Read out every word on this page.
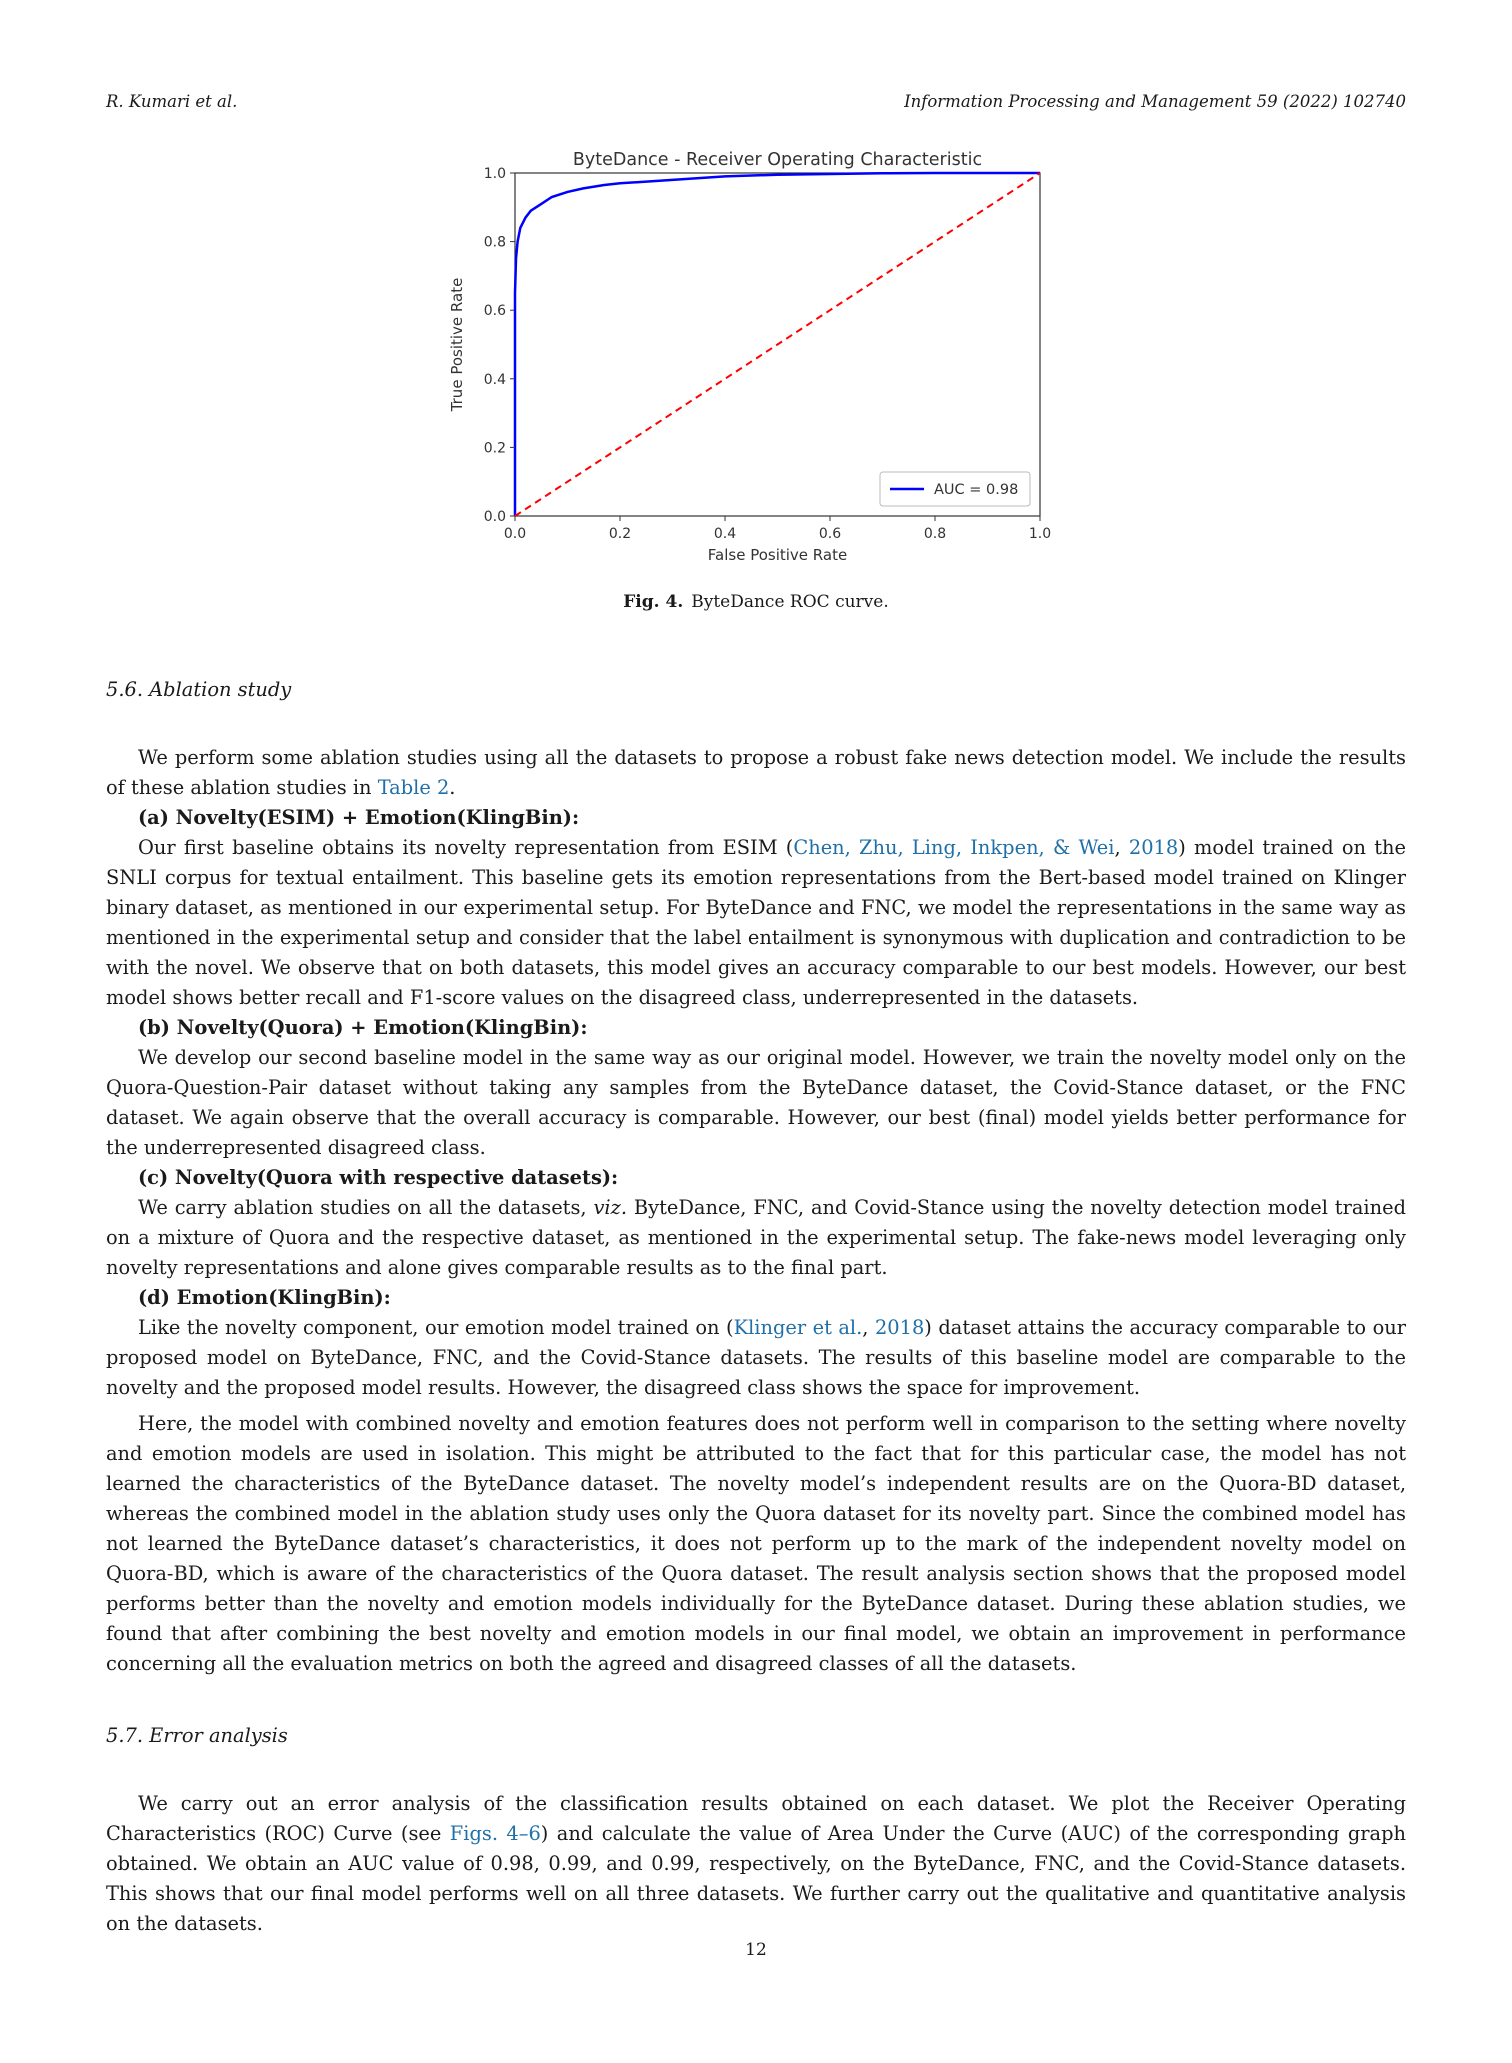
R. Kumari et al.	Information Processing and Management 59 (2022) 102740
0.0	0.2	0.4	0.6	0.8	1.0
0.0
0.2
0.4
0.6
0.8
1.0
ByteDance - Receiver Operating Characteristic
False Positive Rate
True Positive Rate
AUC = 0.98
Fig. 4. ByteDance ROC curve.
5.6. Ablation study

We perform some ablation studies using all the datasets to propose a robust fake news detection model. We include the results of these ablation studies in Table 2.

(a) Novelty(ESIM) + Emotion(KlingBin):

Our first baseline obtains its novelty representation from ESIM (Chen, Zhu, Ling, Inkpen, & Wei, 2018) model trained on the SNLI corpus for textual entailment. This baseline gets its emotion representations from the Bert-based model trained on Klinger binary dataset, as mentioned in our experimental setup. For ByteDance and FNC, we model the representations in the same way as mentioned in the experimental setup and consider that the label entailment is synonymous with duplication and contradiction to be with the novel. We observe that on both datasets, this model gives an accuracy comparable to our best models. However, our best model shows better recall and F1-score values on the disagreed class, underrepresented in the datasets.

(b) Novelty(Quora) + Emotion(KlingBin):

We develop our second baseline model in the same way as our original model. However, we train the novelty model only on the Quora-Question-Pair dataset without taking any samples from the ByteDance dataset, the Covid-Stance dataset, or the FNC dataset. We again observe that the overall accuracy is comparable. However, our best (final) model yields better performance for the underrepresented disagreed class.

(c) Novelty(Quora with respective datasets):

We carry ablation studies on all the datasets, viz. ByteDance, FNC, and Covid-Stance using the novelty detection model trained on a mixture of Quora and the respective dataset, as mentioned in the experimental setup. The fake-news model leveraging only novelty representations and alone gives comparable results as to the final part.

(d) Emotion(KlingBin):

Like the novelty component, our emotion model trained on (Klinger et al., 2018) dataset attains the accuracy comparable to our proposed model on ByteDance, FNC, and the Covid-Stance datasets. The results of this baseline model are comparable to the novelty and the proposed model results. However, the disagreed class shows the space for improvement.

Here, the model with combined novelty and emotion features does not perform well in comparison to the setting where novelty and emotion models are used in isolation. This might be attributed to the fact that for this particular case, the model has not learned the characteristics of the ByteDance dataset. The novelty model’s independent results are on the Quora-BD dataset, whereas the combined model in the ablation study uses only the Quora dataset for its novelty part. Since the combined model has not learned the ByteDance dataset’s characteristics, it does not perform up to the mark of the independent novelty model on Quora-BD, which is aware of the characteristics of the Quora dataset. The result analysis section shows that the proposed model performs better than the novelty and emotion models individually for the ByteDance dataset. During these ablation studies, we found that after combining the best novelty and emotion models in our final model, we obtain an improvement in performance concerning all the evaluation metrics on both the agreed and disagreed classes of all the datasets.

5.7. Error analysis

We carry out an error analysis of the classification results obtained on each dataset. We plot the Receiver Operating Characteristics (ROC) Curve (see Figs. 4–6) and calculate the value of Area Under the Curve (AUC) of the corresponding graph obtained. We obtain an AUC value of 0.98, 0.99, and 0.99, respectively, on the ByteDance, FNC, and the Covid-Stance datasets. This shows that our final model performs well on all three datasets. We further carry out the qualitative and quantitative analysis on the datasets.

12
